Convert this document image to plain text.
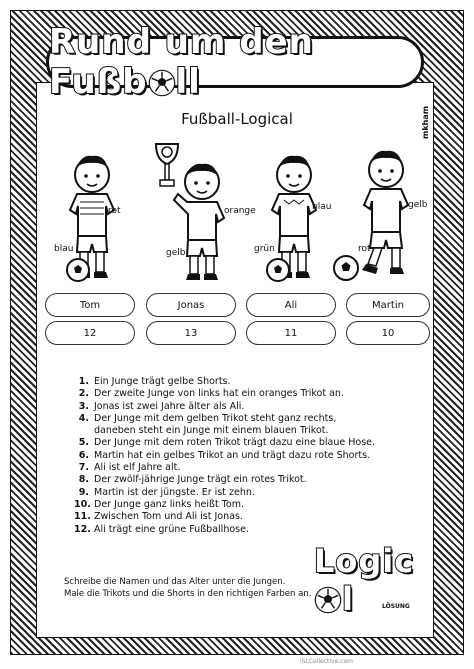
Rund um den Fußb ll
mkham
Fußball-Logical
rot
blau
orange
gelb
blau
grün
gelb
rot
Tom	Jonas	Ali	Martin
12	13	11	10
1. Ein Junge trägt gelbe Shorts.
2. Der zweite Junge von links hat ein oranges Trikot an.
3. Jonas ist zwei Jahre älter als Ali.
4. Der Junge mit dem gelben Trikot steht ganz rechts,
daneben steht ein Junge mit einem blauen Trikot.
5. Der Junge mit dem roten Trikot trägt dazu eine blaue Hose.
6. Martin hat ein gelbes Trikot an und trägt dazu rote Shorts.
7. Ali ist elf Jahre alt.
8. Der zwölf-jährige Junge trägt ein rotes Trikot.
9. Martin ist der jüngste. Er ist zehn.
10. Der Junge ganz links heißt Tom.
11. Zwischen Tom und Ali ist Jonas.
12. Ali trägt eine grüne Fußballhose.
Schreibe die Namen und das Alter unter die Jungen.
Male die Trikots und die Shorts in den richtigen Farben an.
Logicl	LÖSUNG
iSLCollective.com
